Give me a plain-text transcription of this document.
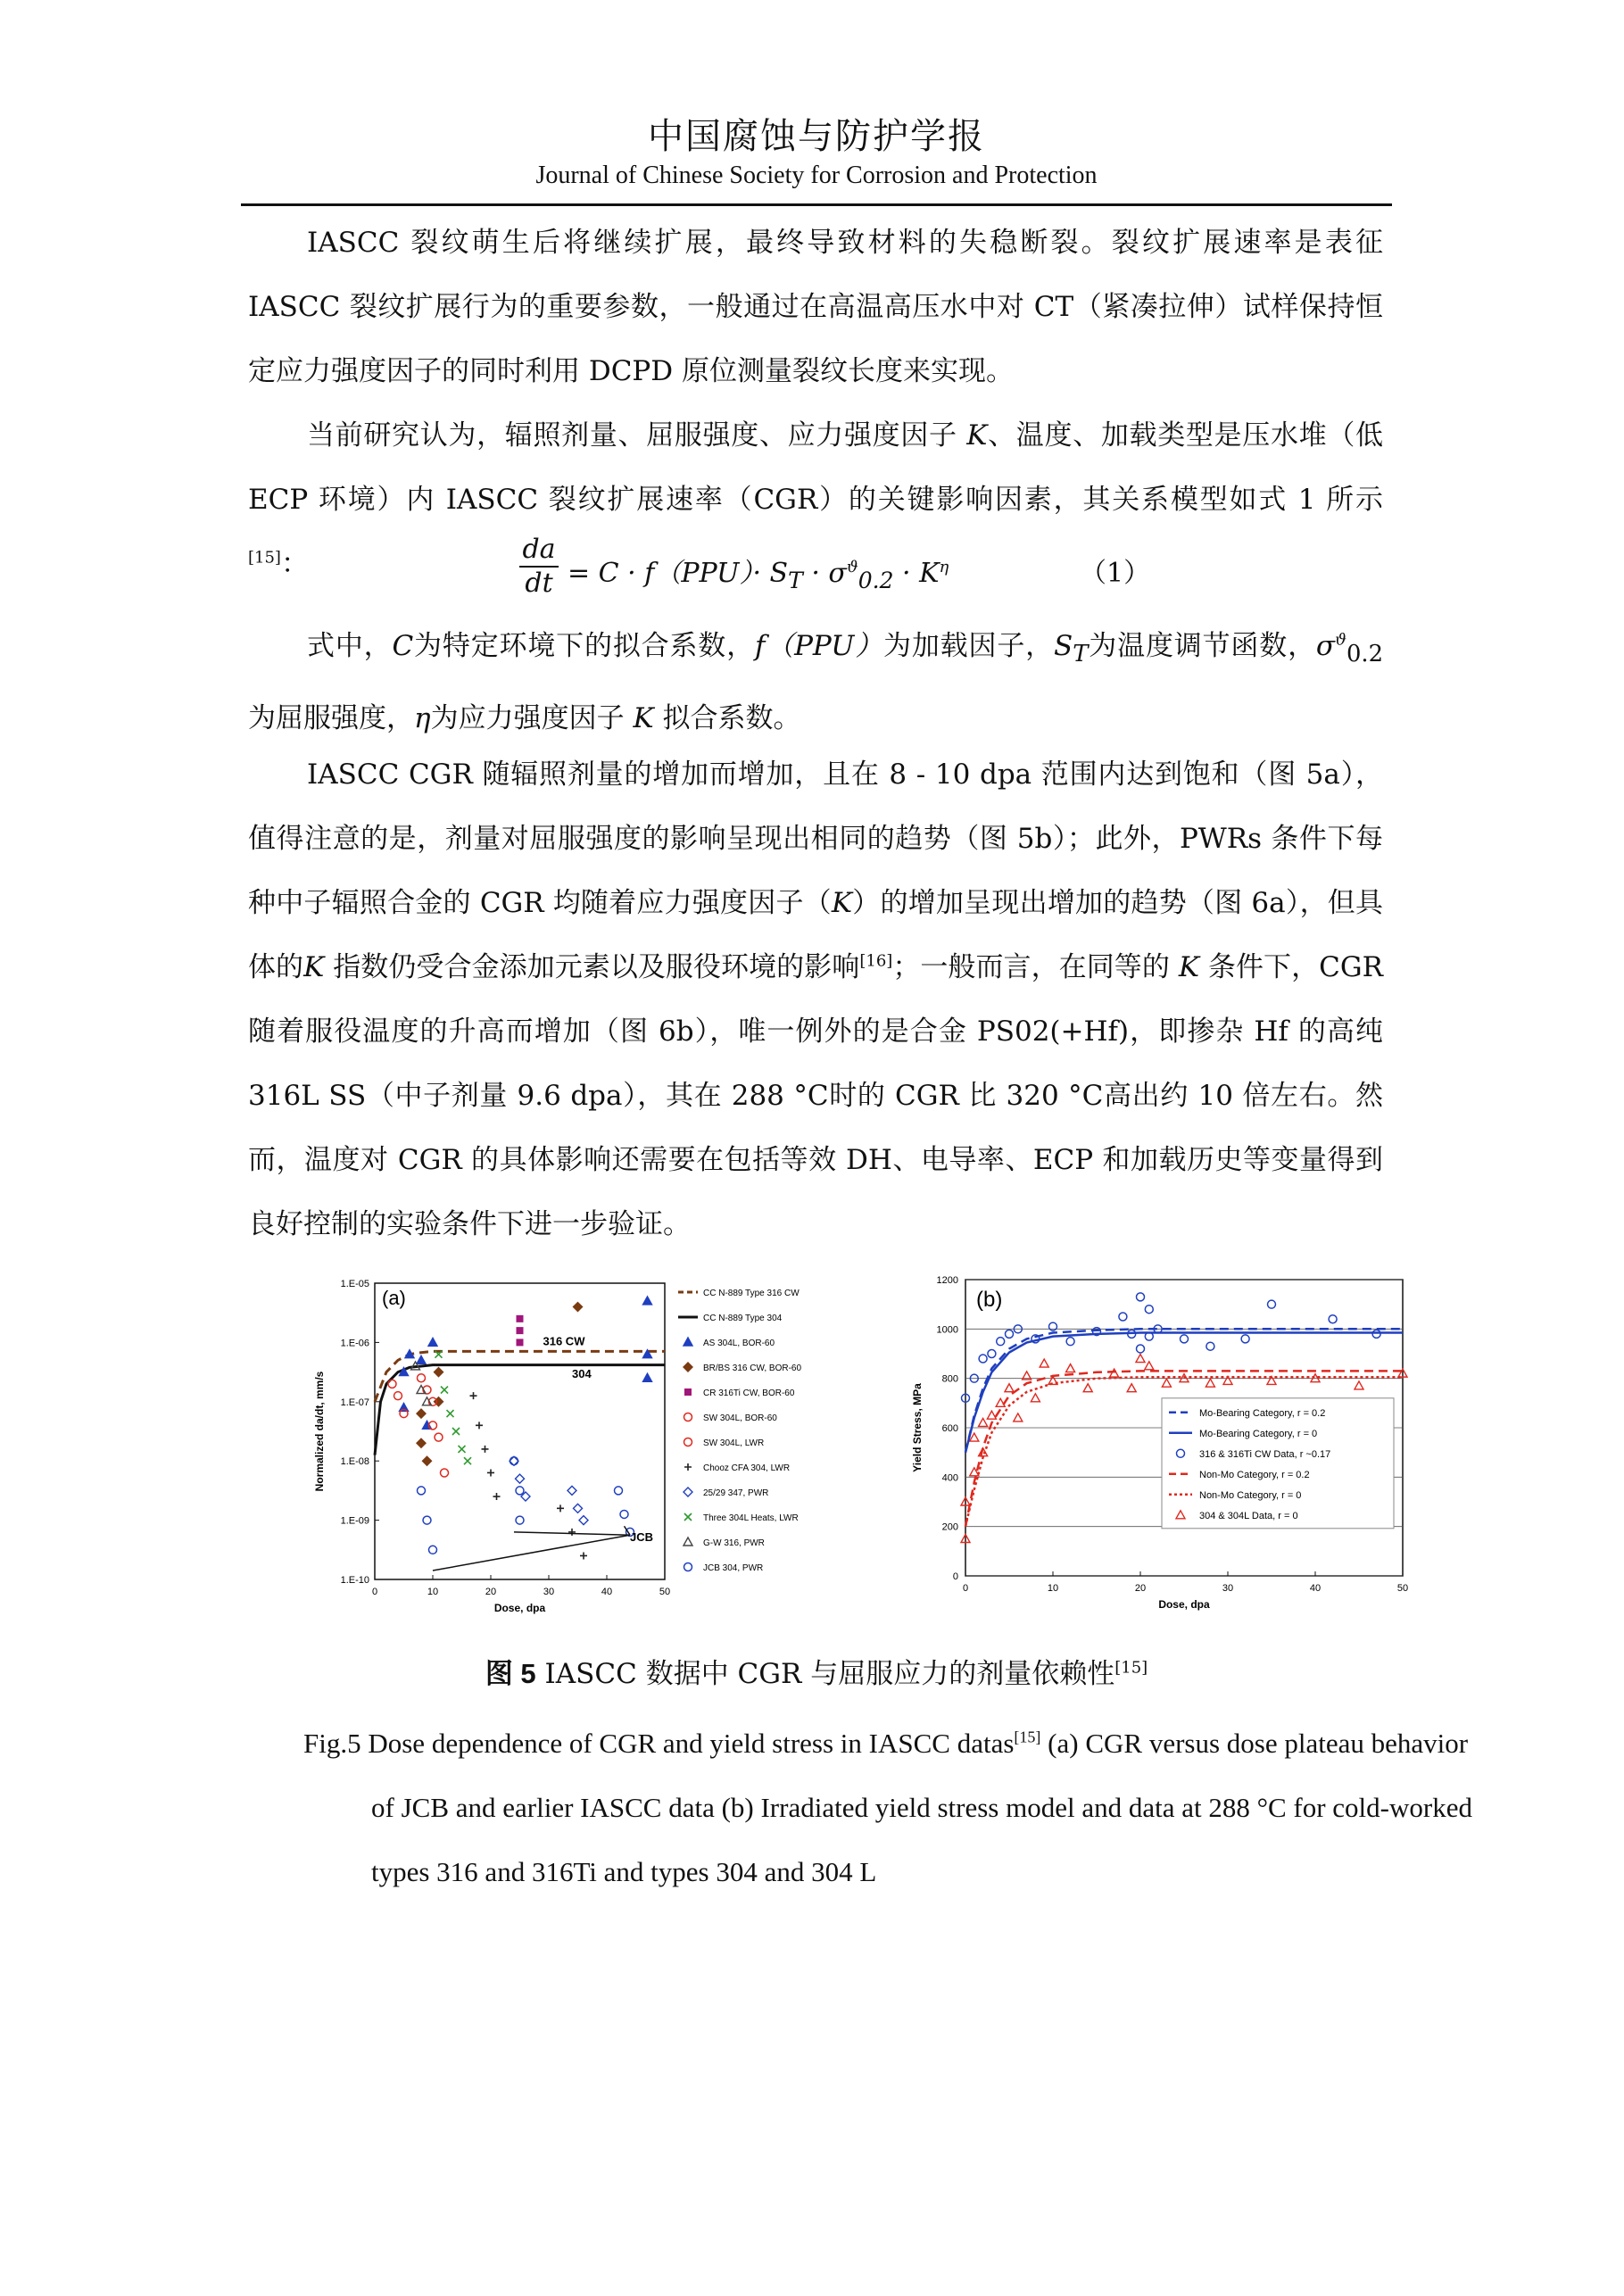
中国腐蚀与防护学报
Journal of Chinese Society for Corrosion and Protection

IASCC 裂纹萌生后将继续扩展，最终导致材料的失稳断裂。裂纹扩展速率是表征 IASCC 裂纹扩展行为的重要参数，一般通过在高温高压水中对 CT（紧凑拉伸）试样保持恒定应力强度因子的同时利用 DCPD 原位测量裂纹长度来实现。

当前研究认为，辐照剂量、屈服强度、应力强度因子 K、温度、加载类型是压水堆（低 ECP 环境）内 IASCC 裂纹扩展速率（CGR）的关键影响因素，其关系模型如式 1 所示[15]：	da
dt = $C \cdot f(PPU)\cdot S_T \cdot \sigma^ϑ_{0.2} \cdot K^\eta$	（1）

式中，C为特定环境下的拟合系数，f（PPU）为加载因子，$S_T$为温度调节函数，$\sigma^ϑ_{0.2}$为屈服强度，η为应力强度因子 K 拟合系数。

IASCC CGR 随辐照剂量的增加而增加，且在 8 - 10 dpa 范围内达到饱和（图 5a），值得注意的是，剂量对屈服强度的影响呈现出相同的趋势（图 5b）；此外，PWRs 条件下每种中子辐照合金的 CGR 均随着应力强度因子（K）的增加呈现出增加的趋势（图 6a），但具体的K 指数仍受合金添加元素以及服役环境的影响[16]；一般而言，在同等的 K 条件下，CGR 随着服役温度的升高而增加（图 6b），唯一例外的是合金 PS02(+Hf)，即掺杂 Hf 的高纯 316L SS（中子剂量 9.6 dpa），其在 288 °C时的 CGR 比 320 °C高出约 10 倍左右。然而，温度对 CGR 的具体影响还需要在包括等效 DH、电导率、ECP 和加载历史等变量得到良好控制的实验条件下进一步验证。

1.E-10
1.E-09
1.E-08
1.E-07
1.E-06
1.E-05
0	10	20	30	40	50
Dose, dpa
Normalized da/dt, mm/s
(a)
316 CW
304
JCB
CC N-889 Type 316 CW
CC N-889 Type 304
AS 304L, BOR-60
BR/BS 316 CW, BOR-60
CR 316Ti CW, BOR-60
SW 304L, BOR-60
SW 304L, LWR
Chooz CFA 304, LWR
25/29 347, PWR
Three 304L Heats, LWR
G-W 316, PWR
JCB 304, PWR
0
200
400
600
800
1000
1200
0	10	20	30	40	50
Dose, dpa
Yield Stress, MPa
(b)
Mo-Bearing Category, r = 0.2
Mo-Bearing Category, r = 0
316 & 316Ti CW Data, r ~0.17
Non-Mo Category, r = 0.2
Non-Mo Category, r = 0
304 & 304L Data, r = 0
图 5 IASCC 数据中 CGR 与屈服应力的剂量依赖性[15]

Fig.5 Dose dependence of CGR and yield stress in IASCC datas[15] (a) CGR versus dose plateau behavior of JCB and earlier IASCC data (b) Irradiated yield stress model and data at 288 °C for cold-worked types 316 and 316Ti and types 304 and 304 L
